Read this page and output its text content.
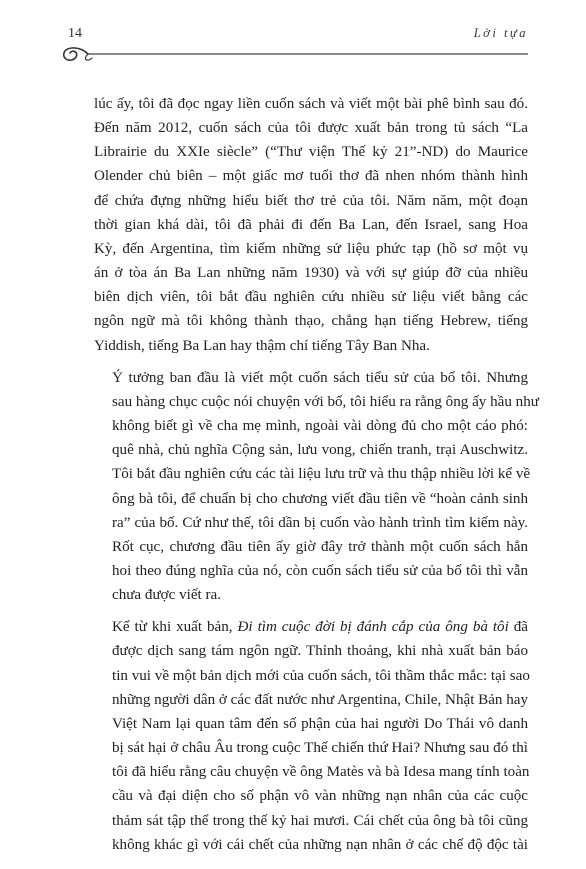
14	Lời tựa

lúc ấy, tôi đã đọc ngay liền cuốn sách và viết một bài phê bình sau đó.
Đến năm 2012, cuốn sách của tôi được xuất bản trong tủ sách “La
Librairie du XXIe siècle” (“Thư viện Thế kỷ 21”-ND) do Maurice
Olender chủ biên – một giấc mơ tuổi thơ đã nhen nhóm thành hình
để chứa đựng những hiểu biết thơ trẻ của tôi. Năm năm, một đoạn
thời gian khá dài, tôi đã phải đi đến Ba Lan, đến Israel, sang Hoa
Kỳ, đến Argentina, tìm kiếm những sử liệu phức tạp (hồ sơ một vụ
án ở tòa án Ba Lan những năm 1930) và với sự giúp đỡ của nhiều
biên dịch viên, tôi bắt đầu nghiên cứu nhiều sử liệu viết bằng các
ngôn ngữ mà tôi không thành thạo, chẳng hạn tiếng Hebrew, tiếng
Yiddish, tiếng Ba Lan hay thậm chí tiếng Tây Ban Nha.

Ý tưởng ban đầu là viết một cuốn sách tiểu sử của bố tôi. Nhưng
sau hàng chục cuộc nói chuyện với bố, tôi hiểu ra rằng ông ấy hầu như
không biết gì về cha mẹ mình, ngoài vài dòng đủ cho một cáo phó:
quê nhà, chủ nghĩa Cộng sản, lưu vong, chiến tranh, trại Auschwitz.
Tôi bắt đầu nghiên cứu các tài liệu lưu trữ và thu thập nhiều lời kể về
ông bà tôi, để chuẩn bị cho chương viết đầu tiên về “hoàn cảnh sinh
ra” của bố. Cứ như thế, tôi dần bị cuốn vào hành trình tìm kiếm này.
Rốt cục, chương đầu tiên ấy giờ đây trở thành một cuốn sách hẳn
hoi theo đúng nghĩa của nó, còn cuốn sách tiểu sử của bố tôi thì vẫn
chưa được viết ra.

Kể từ khi xuất bản, Đi tìm cuộc đời bị đánh cắp của ông bà tôi đã
được dịch sang tám ngôn ngữ. Thỉnh thoảng, khi nhà xuất bản báo
tin vui về một bản dịch mới của cuốn sách, tôi thầm thắc mắc: tại sao
những người dân ở các đất nước như Argentina, Chile, Nhật Bản hay
Việt Nam lại quan tâm đến số phận của hai người Do Thái vô danh
bị sát hại ở châu Âu trong cuộc Thế chiến thứ Hai? Nhưng sau đó thì
tôi đã hiểu rằng câu chuyện về ông Matès và bà Idesa mang tính toàn
cầu và đại diện cho số phận vô vàn những nạn nhân của các cuộc
thảm sát tập thể trong thế kỷ hai mươi. Cái chết của ông bà tôi cũng
không khác gì với cái chết của những nạn nhân ở các chế độ độc tài
